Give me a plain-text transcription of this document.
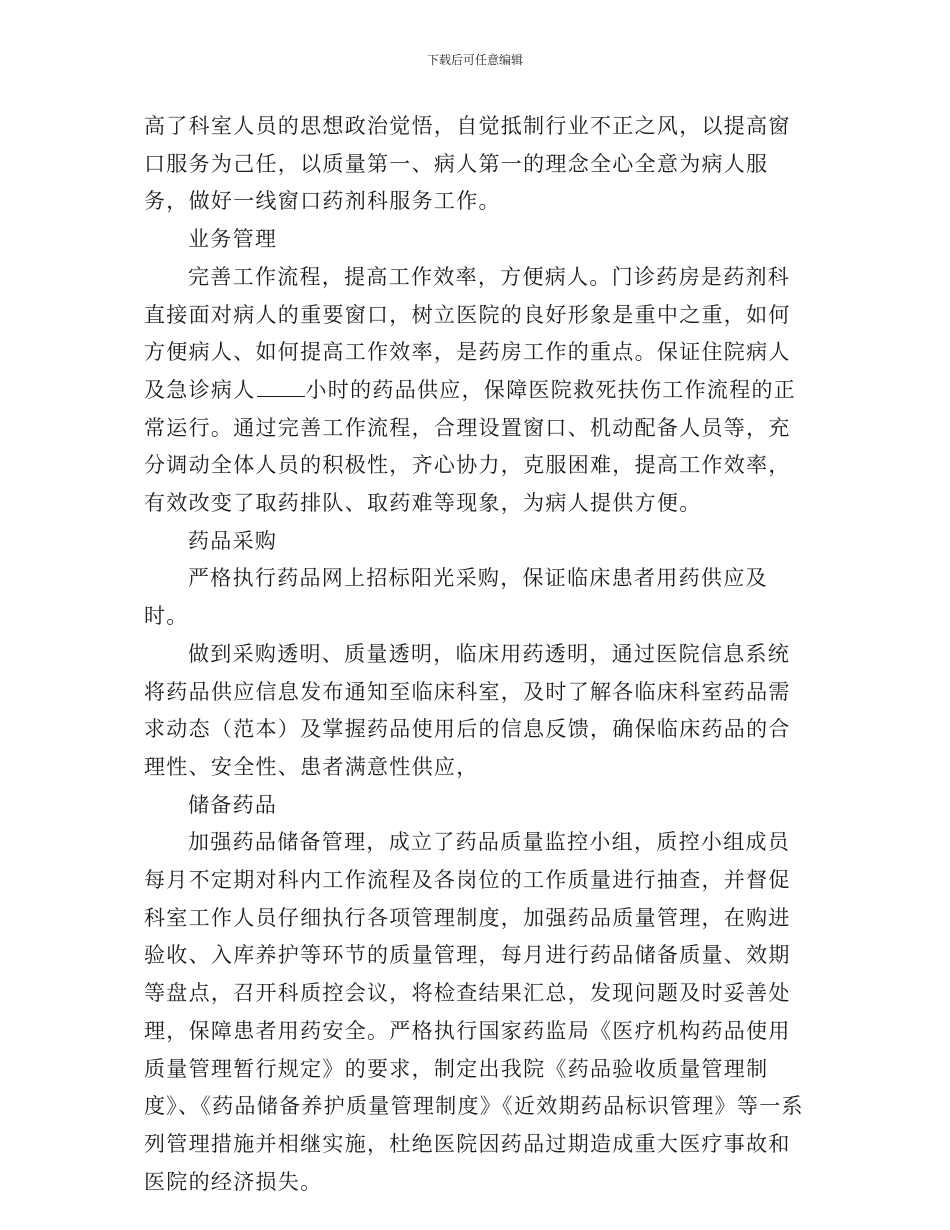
下载后可任意编辑

高了科室人员的思想政治觉悟，自觉抵制行业不正之风，以提高窗口服务为己任，以质量第一、病人第一的理念全心全意为病人服务，做好一线窗口药剂科服务工作。

业务管理

完善工作流程，提高工作效率，方便病人。门诊药房是药剂科直接面对病人的重要窗口，树立医院的良好形象是重中之重，如何方便病人、如何提高工作效率，是药房工作的重点。保证住院病人及急诊病人 小时的药品供应，保障医院救死扶伤工作流程的正常运行。通过完善工作流程，合理设置窗口、机动配备人员等，充分调动全体人员的积极性，齐心协力，克服困难，提高工作效率，有效改变了取药排队、取药难等现象，为病人提供方便。

药品采购

严格执行药品网上招标阳光采购，保证临床患者用药供应及时。

做到采购透明、质量透明，临床用药透明，通过医院信息系统将药品供应信息发布通知至临床科室，及时了解各临床科室药品需求动态（范本）及掌握药品使用后的信息反馈，确保临床药品的合理性、安全性、患者满意性供应，

储备药品

加强药品储备管理，成立了药品质量监控小组，质控小组成员每月不定期对科内工作流程及各岗位的工作质量进行抽查，并督促科室工作人员仔细执行各项管理制度，加强药品质量管理，在购进验收、入库养护等环节的质量管理，每月进行药品储备质量、效期等盘点，召开科质控会议，将检查结果汇总，发现问题及时妥善处理，保障患者用药安全。严格执行国家药监局《医疗机构药品使用质量管理暂行规定》的要求，制定出我院《药品验收质量管理制度》、《药品储备养护质量管理制度》《近效期药品标识管理》等一系列管理措施并相继实施，杜绝医院因药品过期造成重大医疗事故和医院的经济损失。
